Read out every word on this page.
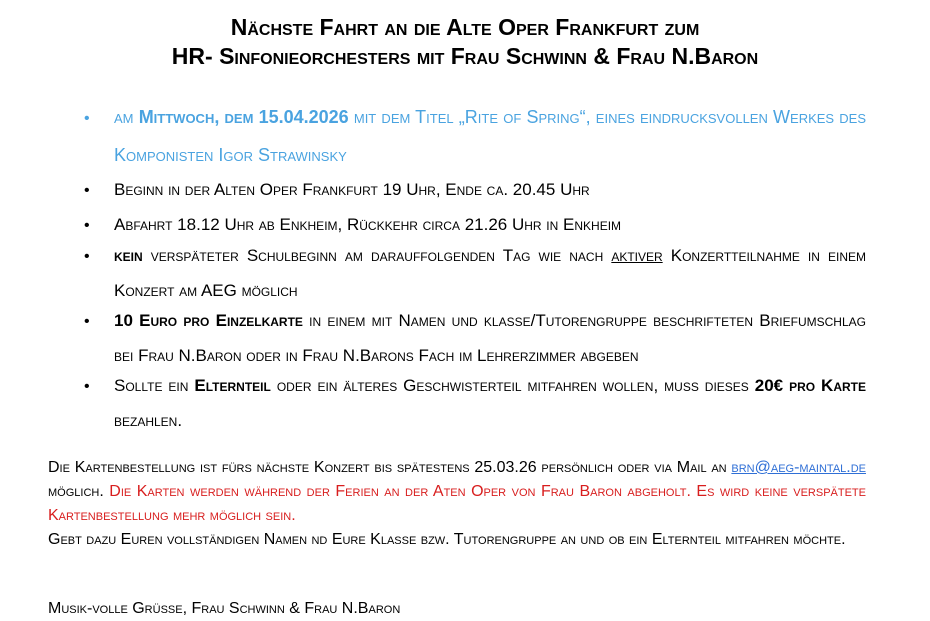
Nächste Fahrt an die Alte Oper Frankfurt zum
HR- Sinfonieorchesters mit Frau Schwinn & Frau N.Baron
•
am Mittwoch, dem 15.04.2026 mit dem Titel „Rite of Spring“, eines eindrucksvollen Werkes des Komponisten Igor Strawinsky
•
Beginn in der Alten Oper Frankfurt 19 Uhr, Ende ca. 20.45 Uhr
•
Abfahrt 18.12 Uhr ab Enkheim, Rückkehr circa 21.26 Uhr in Enkheim
•
kein verspäteter Schulbeginn am darauffolgenden Tag wie nach aktiver Konzertteilnahme in einem Konzert am AEG möglich
•
10 Euro pro Einzelkarte in einem mit Namen und klasse/Tutorengruppe beschrifteten Briefumschlag bei Frau N.Baron oder in Frau N.Barons Fach im Lehrerzimmer abgeben
•
Sollte ein Elternteil oder ein älteres Geschwisterteil mitfahren wollen, muss dieses 20€ pro Karte bezahlen.

Die Kartenbestellung ist fürs nächste Konzert bis spätestens 25.03.26 persönlich oder via Mail an brn@aeg-maintal.de möglich. Die Karten werden während der Ferien an der Aten Oper von Frau Baron abgeholt. Es wird keine verspätete Kartenbestellung mehr möglich sein.
Gebt dazu Euren vollständigen Namen nd Eure Klasse bzw. Tutorengruppe an und ob ein Elternteil mitfahren möchte.

Musik-volle Grüße, Frau Schwinn & Frau N.Baron
